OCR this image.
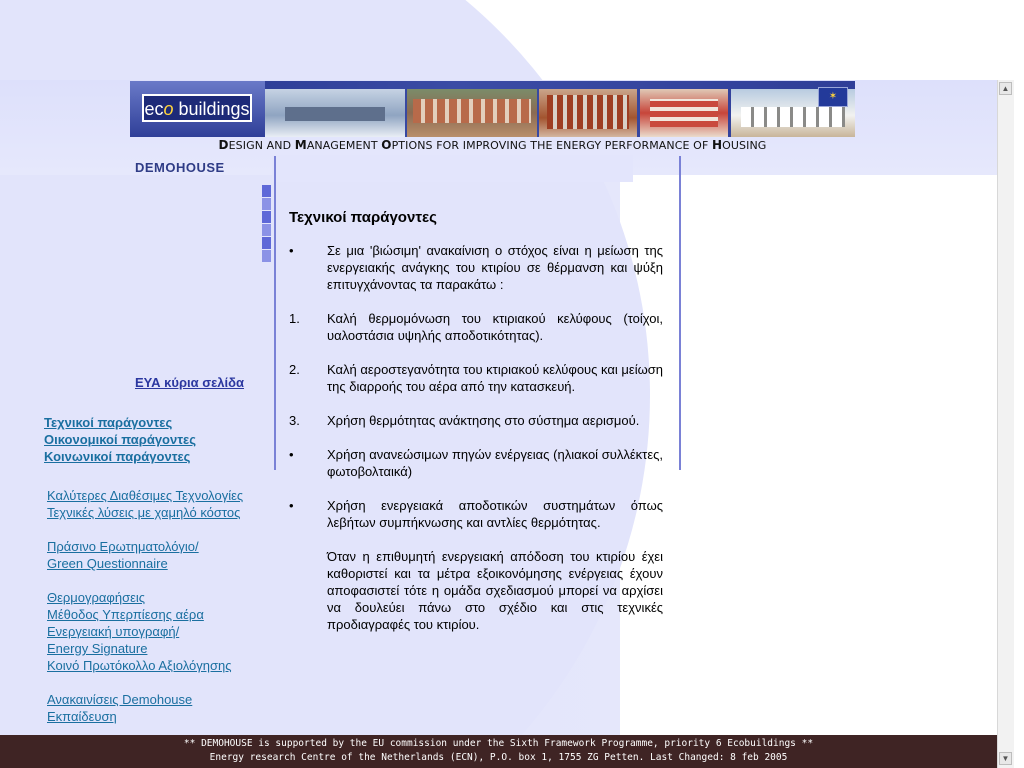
eco buildings
✶
DESIGN AND MANAGEMENT OPTIONS FOR IMPROVING THE ENERGY PERFORMANCE OF HOUSING
DEMOHOUSE
ΕΥΑ κύρια σελίδα
Τεχνικοί παράγοντες
Οικονομικοί παράγοντες
Κοινωνικοί παράγοντες
Καλύτερες Διαθέσιμες Τεχνολογίες
Τεχνικές λύσεις με χαμηλό κόστος
Πράσινο Ερωτηματολόγιο/
Green Questionnaire
Θερμογραφήσεις
Μέθοδος Υπερπίεσης αέρα
Ενεργειακή υπογραφή/
Energy Signature
Κοινό Πρωτόκολλο Αξιολόγησης
Ανακαινίσεις Demohouse
Εκπαίδευση
Τεχνικοί παράγοντες
•	Σε μια 'βιώσιμη' ανακαίνιση ο στόχος είναι η μείωση της ενεργειακής ανάγκης του κτιρίου σε θέρμανση και ψύξη επιτυγχάνοντας τα παρακάτω :
1. Καλή θερμομόνωση του κτιριακού κελύφους (τοίχοι, υαλοστάσια υψηλής αποδοτικότητας).
2. Καλή αεροστεγανότητα του κτιριακού κελύφους και μείωση της διαρροής του αέρα από την κατασκευή.
3. Χρήση θερμότητας ανάκτησης στο σύστημα αερισμού.
•	Χρήση ανανεώσιμων πηγών ενέργειας (ηλιακοί συλλέκτες, φωτοβολταικά)
•	Χρήση ενεργειακά αποδοτικών συστημάτων όπως λεβήτων συμπήκνωσης και αντλίες θερμότητας.
Όταν η επιθυμητή ενεργειακή απόδοση του κτιρίου έχει καθοριστεί και τα μέτρα εξοικονόμησης ενέργειας έχουν αποφασιστεί τότε η ομάδα σχεδιασμού μπορεί να αρχίσει να δουλεύει πάνω στο σχέδιο και στις τεχνικές προδιαγραφές του κτιρίου.
** DEMOHOUSE is supported by the EU commission under the Sixth Framework Programme, priority 6 Ecobuildings **
Energy research Centre of the Netherlands (ECN), P.O. box 1, 1755 ZG Petten. Last Changed: 8 feb 2005
▲
▼
